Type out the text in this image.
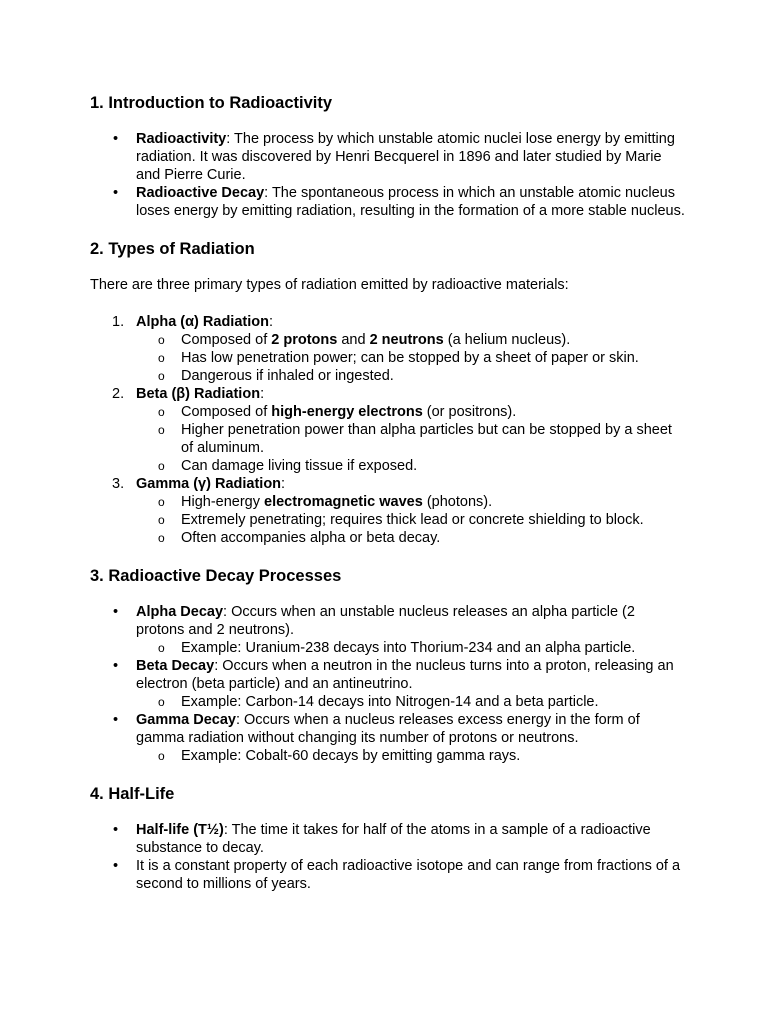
1. Introduction to Radioactivity
• Radioactivity: The process by which unstable atomic nuclei lose energy by emitting radiation. It was discovered by Henri Becquerel in 1896 and later studied by Marie and Pierre Curie.
• Radioactive Decay: The spontaneous process in which an unstable atomic nucleus loses energy by emitting radiation, resulting in the formation of a more stable nucleus.
2. Types of Radiation

There are three primary types of radiation emitted by radioactive materials:

1. Alpha (α) Radiation:
o Composed of 2 protons and 2 neutrons (a helium nucleus).
o Has low penetration power; can be stopped by a sheet of paper or skin.
o Dangerous if inhaled or ingested.
2. Beta (β) Radiation:
o Composed of high-energy electrons (or positrons).
o Higher penetration power than alpha particles but can be stopped by a sheet of aluminum.
o Can damage living tissue if exposed.
3. Gamma (γ) Radiation:
o High-energy electromagnetic waves (photons).
o Extremely penetrating; requires thick lead or concrete shielding to block.
o Often accompanies alpha or beta decay.
3. Radioactive Decay Processes
• Alpha Decay: Occurs when an unstable nucleus releases an alpha particle (2 protons and 2 neutrons).
o Example: Uranium-238 decays into Thorium-234 and an alpha particle.
• Beta Decay: Occurs when a neutron in the nucleus turns into a proton, releasing an electron (beta particle) and an antineutrino.
o Example: Carbon-14 decays into Nitrogen-14 and a beta particle.
• Gamma Decay: Occurs when a nucleus releases excess energy in the form of gamma radiation without changing its number of protons or neutrons.
o Example: Cobalt-60 decays by emitting gamma rays.
4. Half-Life
• Half-life (T½): The time it takes for half of the atoms in a sample of a radioactive substance to decay.
• It is a constant property of each radioactive isotope and can range from fractions of a second to millions of years.
